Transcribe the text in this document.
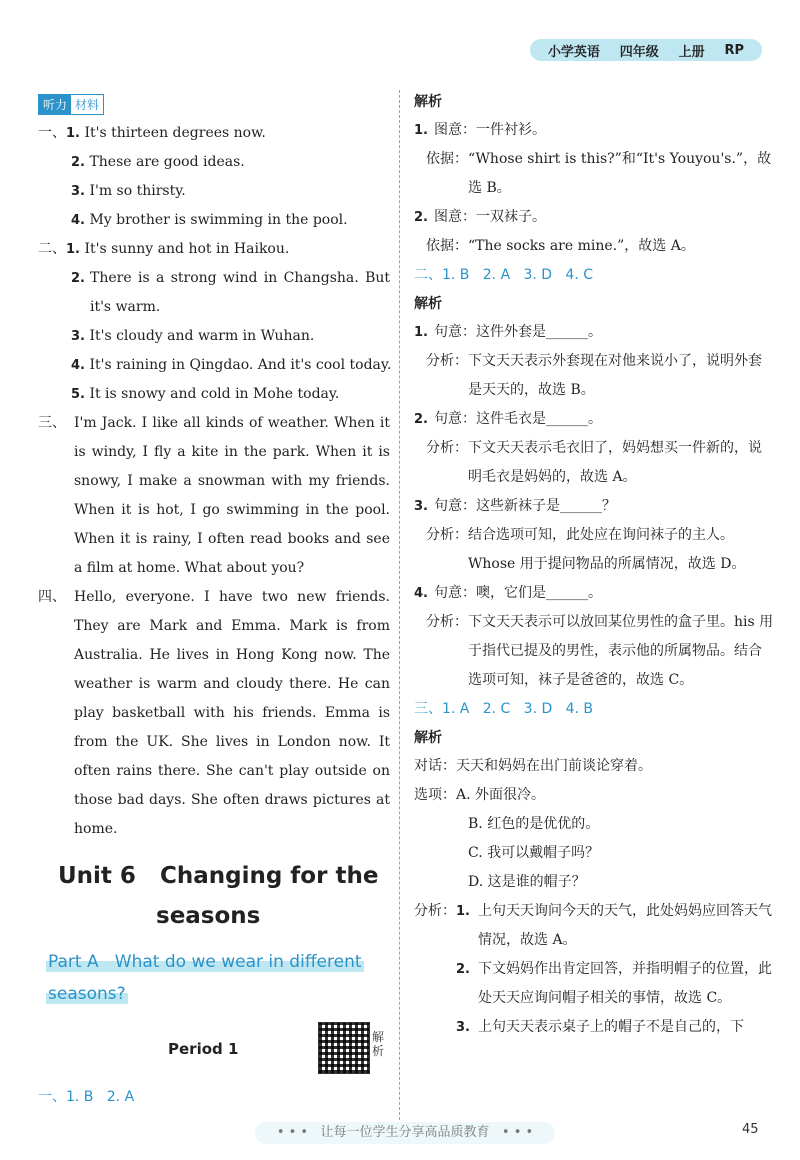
小学英语 四年级 上册 RP
听力 材料
一、1. It's thirteen degrees now.
2. These are good ideas.
3. I'm so thirsty.
4. My brother is swimming in the pool.
二、1. It's sunny and hot in Haikou.
2. There is a strong wind in Changsha. But it's warm.
3. It's cloudy and warm in Wuhan.
4. It's raining in Qingdao. And it's cool today.
5. It is snowy and cold in Mohe today.
三、 I'm Jack. I like all kinds of weather. When it is windy, I fly a kite in the park. When it is snowy, I make a snowman with my friends. When it is hot, I go swimming in the pool. When it is rainy, I often read books and see a film at home. What about you?
四、 Hello, everyone. I have two new friends. They are Mark and Emma. Mark is from Australia. He lives in Hong Kong now. The weather is warm and cloudy there. He can play basketball with his friends. Emma is from the UK. She lives in London now. It often rains there. She can't play outside on those bad days. She often draws pictures at home.
Unit 6   Changing for the
seasons
Part A   What do we wear in different
seasons?
Period 1
解析
一、1. B   2. A
解析
1. 图意： 一件衬衫。
依据： “Whose shirt is this?”和“It's Youyou's.”，故选 B。
2. 图意： 一双袜子。
依据： “The socks are mine.”，故选 A。
二、1. B   2. A   3. D   4. C
解析
1. 句意： 这件外套是______。
分析： 下文天天表示外套现在对他来说小了，说明外套是天天的，故选 B。
2. 句意： 这件毛衣是______。
分析： 下文天天表示毛衣旧了，妈妈想买一件新的，说明毛衣是妈妈的，故选 A。
3. 句意： 这些新袜子是______？
分析： 结合选项可知，此处应在询问袜子的主人。Whose 用于提问物品的所属情况，故选 D。
4. 句意： 噢，它们是______。
分析： 下文天天表示可以放回某位男性的盒子里。his 用于指代已提及的男性，表示他的所属物品。结合选项可知，袜子是爸爸的，故选 C。
三、1. A   2. C   3. D   4. B
解析
对话： 天天和妈妈在出门前谈论穿着。
选项： A. 外面很冷。
B. 红色的是优优的。
C. 我可以戴帽子吗？
D. 这是谁的帽子？
分析： 1. 上句天天询问今天的天气，此处妈妈应回答天气情况，故选 A。
2. 下文妈妈作出肯定回答，并指明帽子的位置，此处天天应询问帽子相关的事情，故选 C。
3. 上句天天表示桌子上的帽子不是自己的，下
• • •   让每一位学生分享高品质教育   • • •	45
